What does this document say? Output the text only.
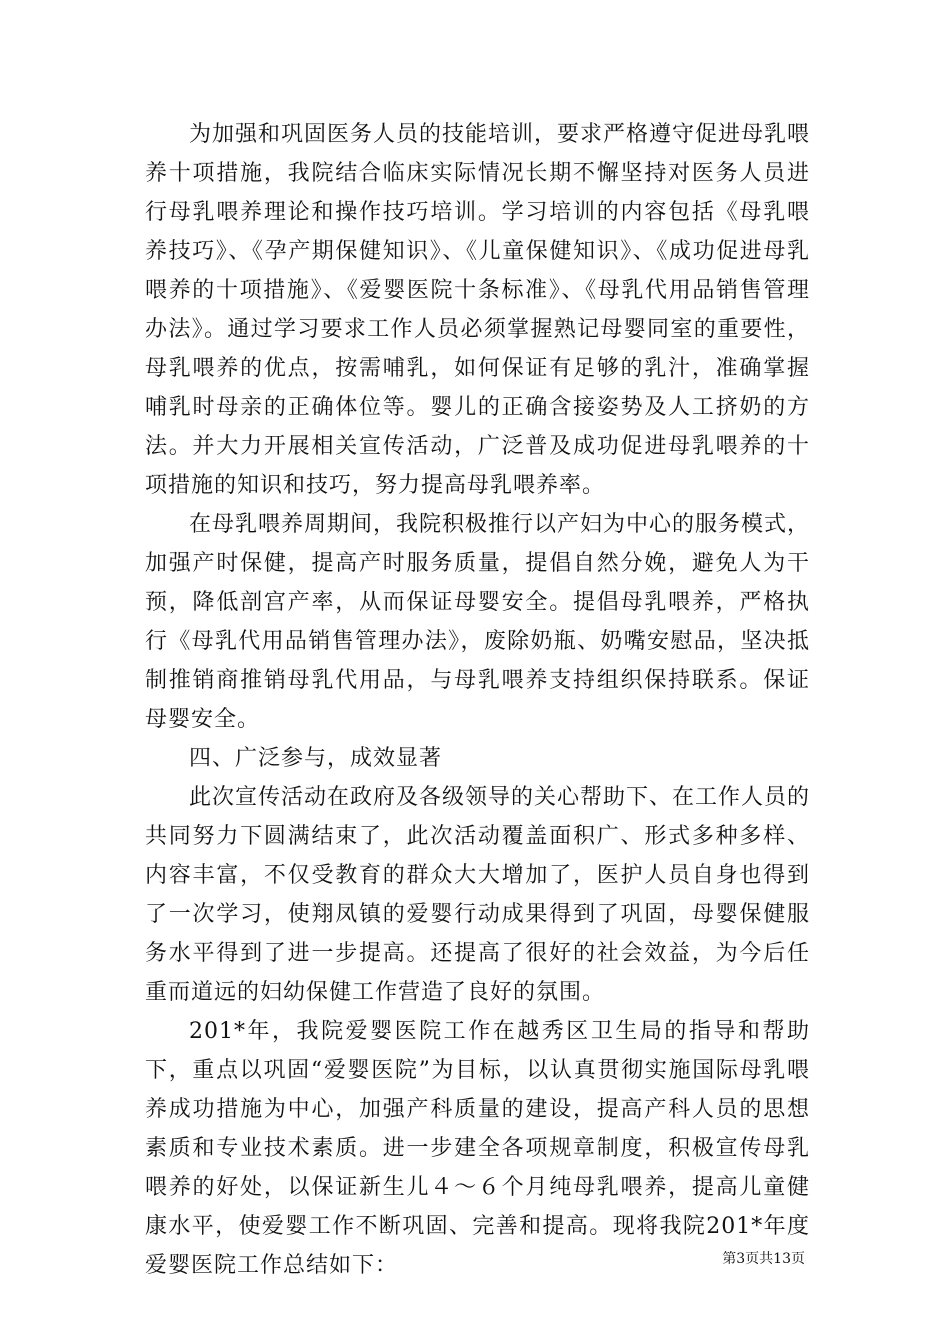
为加强和巩固医务人员的技能培训，要求严格遵守促进母乳喂养十项措施，我院结合临床实际情况长期不懈坚持对医务人员进行母乳喂养理论和操作技巧培训。学习培训的内容包括《母乳喂养技巧》、《孕产期保健知识》、《儿童保健知识》、《成功促进母乳喂养的十项措施》、《爱婴医院十条标准》、《母乳代用品销售管理办法》。通过学习要求工作人员必须掌握熟记母婴同室的重要性，母乳喂养的优点，按需哺乳，如何保证有足够的乳汁，准确掌握哺乳时母亲的正确体位等。婴儿的正确含接姿势及人工挤奶的方法。并大力开展相关宣传活动，广泛普及成功促进母乳喂养的十项措施的知识和技巧，努力提高母乳喂养率。

在母乳喂养周期间，我院积极推行以产妇为中心的服务模式，加强产时保健，提高产时服务质量，提倡自然分娩，避免人为干预，降低剖宫产率，从而保证母婴安全。提倡母乳喂养，严格执行《母乳代用品销售管理办法》，废除奶瓶、奶嘴安慰品，坚决抵制推销商推销母乳代用品，与母乳喂养支持组织保持联系。保证母婴安全。

四、广泛参与，成效显著

此次宣传活动在政府及各级领导的关心帮助下、在工作人员的共同努力下圆满结束了，此次活动覆盖面积广、形式多种多样、内容丰富，不仅受教育的群众大大增加了，医护人员自身也得到了一次学习，使翔凤镇的爱婴行动成果得到了巩固，母婴保健服务水平得到了进一步提高。还提高了很好的社会效益，为今后任重而道远的妇幼保健工作营造了良好的氛围。

201*年，我院爱婴医院工作在越秀区卫生局的指导和帮助下，重点以巩固“爱婴医院”为目标，以认真贯彻实施国际母乳喂养成功措施为中心，加强产科质量的建设，提高产科人员的思想素质和专业技术素质。进一步建全各项规章制度，积极宣传母乳喂养的好处，以保证新生儿４～６个月纯母乳喂养，提高儿童健康水平，使爱婴工作不断巩固、完善和提高。现将我院201*年度爱婴医院工作总结如下：	第3页共13页
